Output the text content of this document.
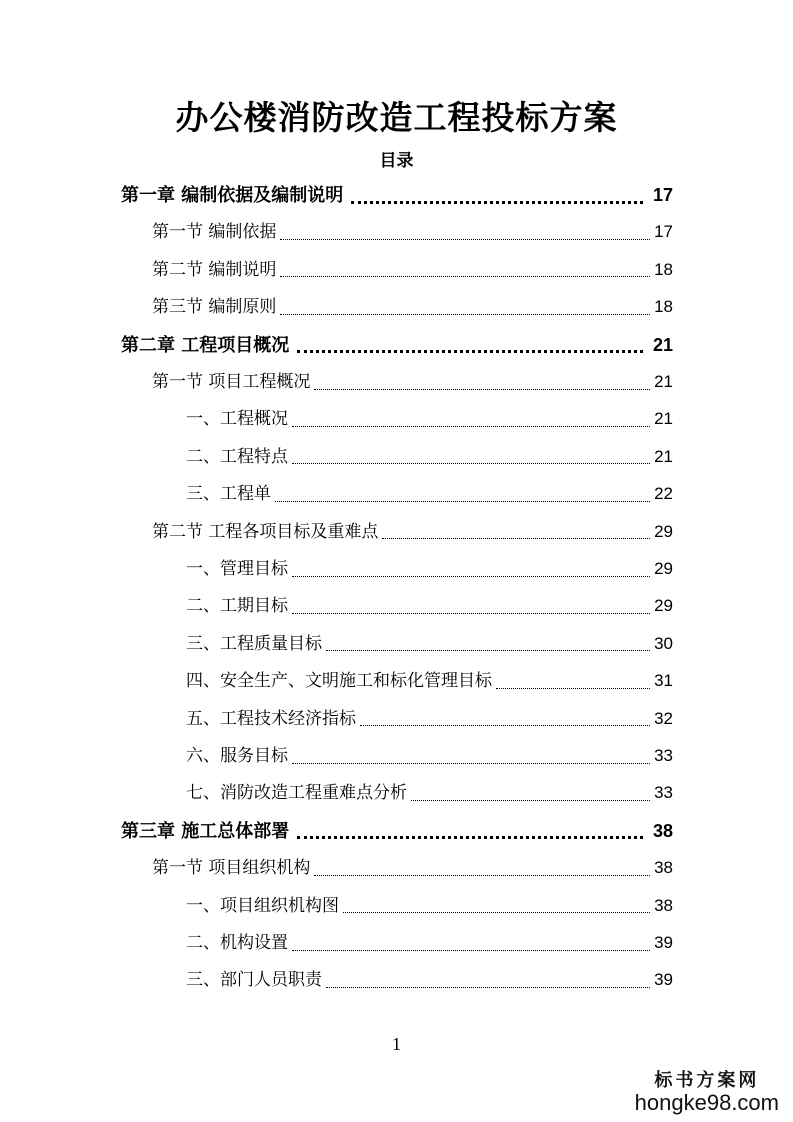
办公楼消防改造工程投标方案
目录
第一章 编制依据及编制说明	17
第一节 编制依据	17
第二节 编制说明	18
第三节 编制原则	18
第二章 工程项目概况	21
第一节 项目工程概况	21
一、工程概况	21
二、工程特点	21
三、工程单	22
第二节 工程各项目标及重难点	29
一、管理目标	29
二、工期目标	29
三、工程质量目标	30
四、安全生产、文明施工和标化管理目标	31
五、工程技术经济指标	32
六、服务目标	33
七、消防改造工程重难点分析	33
第三章 施工总体部署	38
第一节 项目组织机构	38
一、项目组织机构图	38
二、机构设置	39
三、部门人员职责	39
1
标书方案网
hongke98.com
